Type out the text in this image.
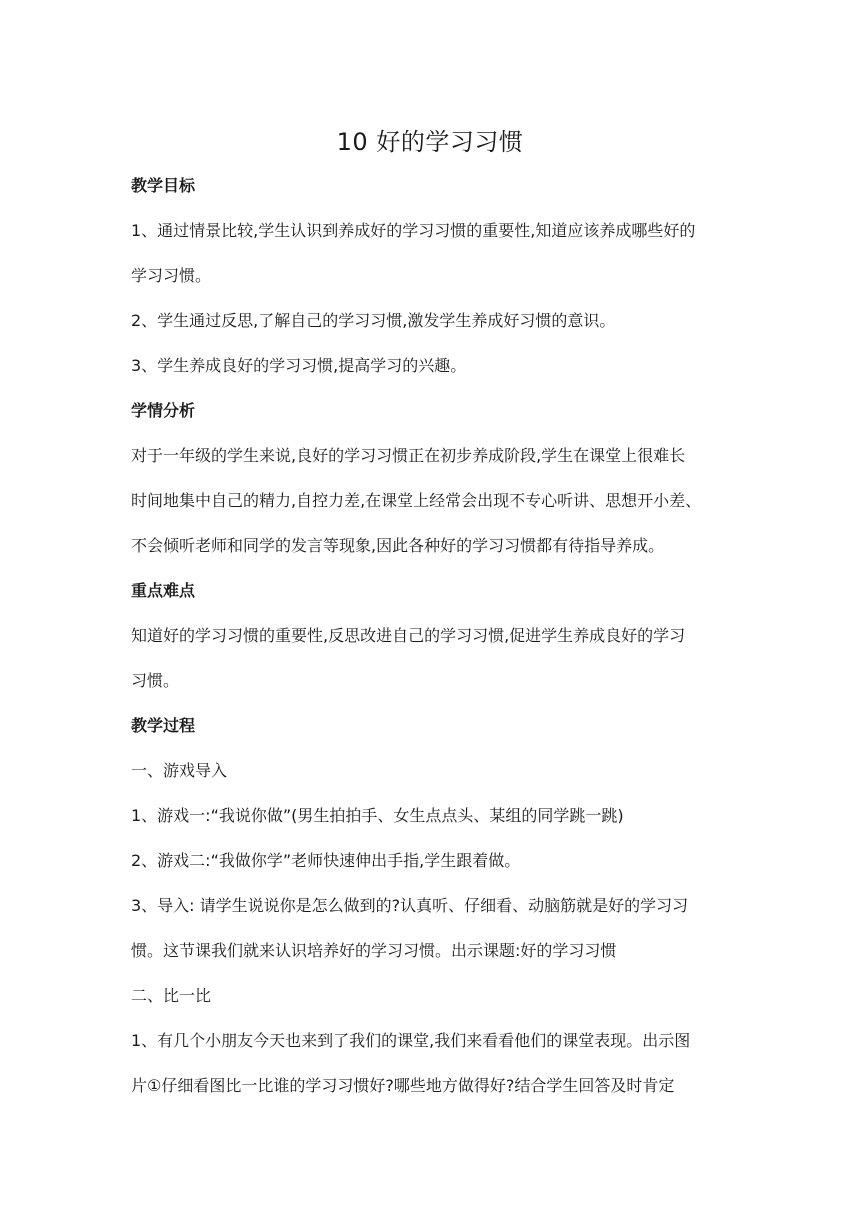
10 好的学习习惯
教学目标
1、通过情景比较,学生认识到养成好的学习习惯的重要性,知道应该养成哪些好的
学习习惯。
2、学生通过反思,了解自己的学习习惯,激发学生养成好习惯的意识。
3、学生养成良好的学习习惯,提高学习的兴趣。
学情分析
对于一年级的学生来说,良好的学习习惯正在初步养成阶段,学生在课堂上很难长
时间地集中自己的精力,自控力差,在课堂上经常会出现不专心听讲、思想开小差、
不会倾听老师和同学的发言等现象,因此各种好的学习习惯都有待指导养成。
重点难点
知道好的学习习惯的重要性,反思改进自己的学习习惯,促进学生养成良好的学习
习惯。
教学过程
一、游戏导入
1、游戏一:“我说你做”(男生拍拍手、女生点点头、某组的同学跳一跳)
2、游戏二:“我做你学”老师快速伸出手指,学生跟着做。
3、导入: 请学生说说你是怎么做到的?认真听、仔细看、动脑筋就是好的学习习
惯。这节课我们就来认识培养好的学习习惯。出示课题:好的学习习惯
二、比一比
1、有几个小朋友今天也来到了我们的课堂,我们来看看他们的课堂表现。出示图
片①仔细看图比一比谁的学习习惯好?哪些地方做得好?结合学生回答及时肯定
